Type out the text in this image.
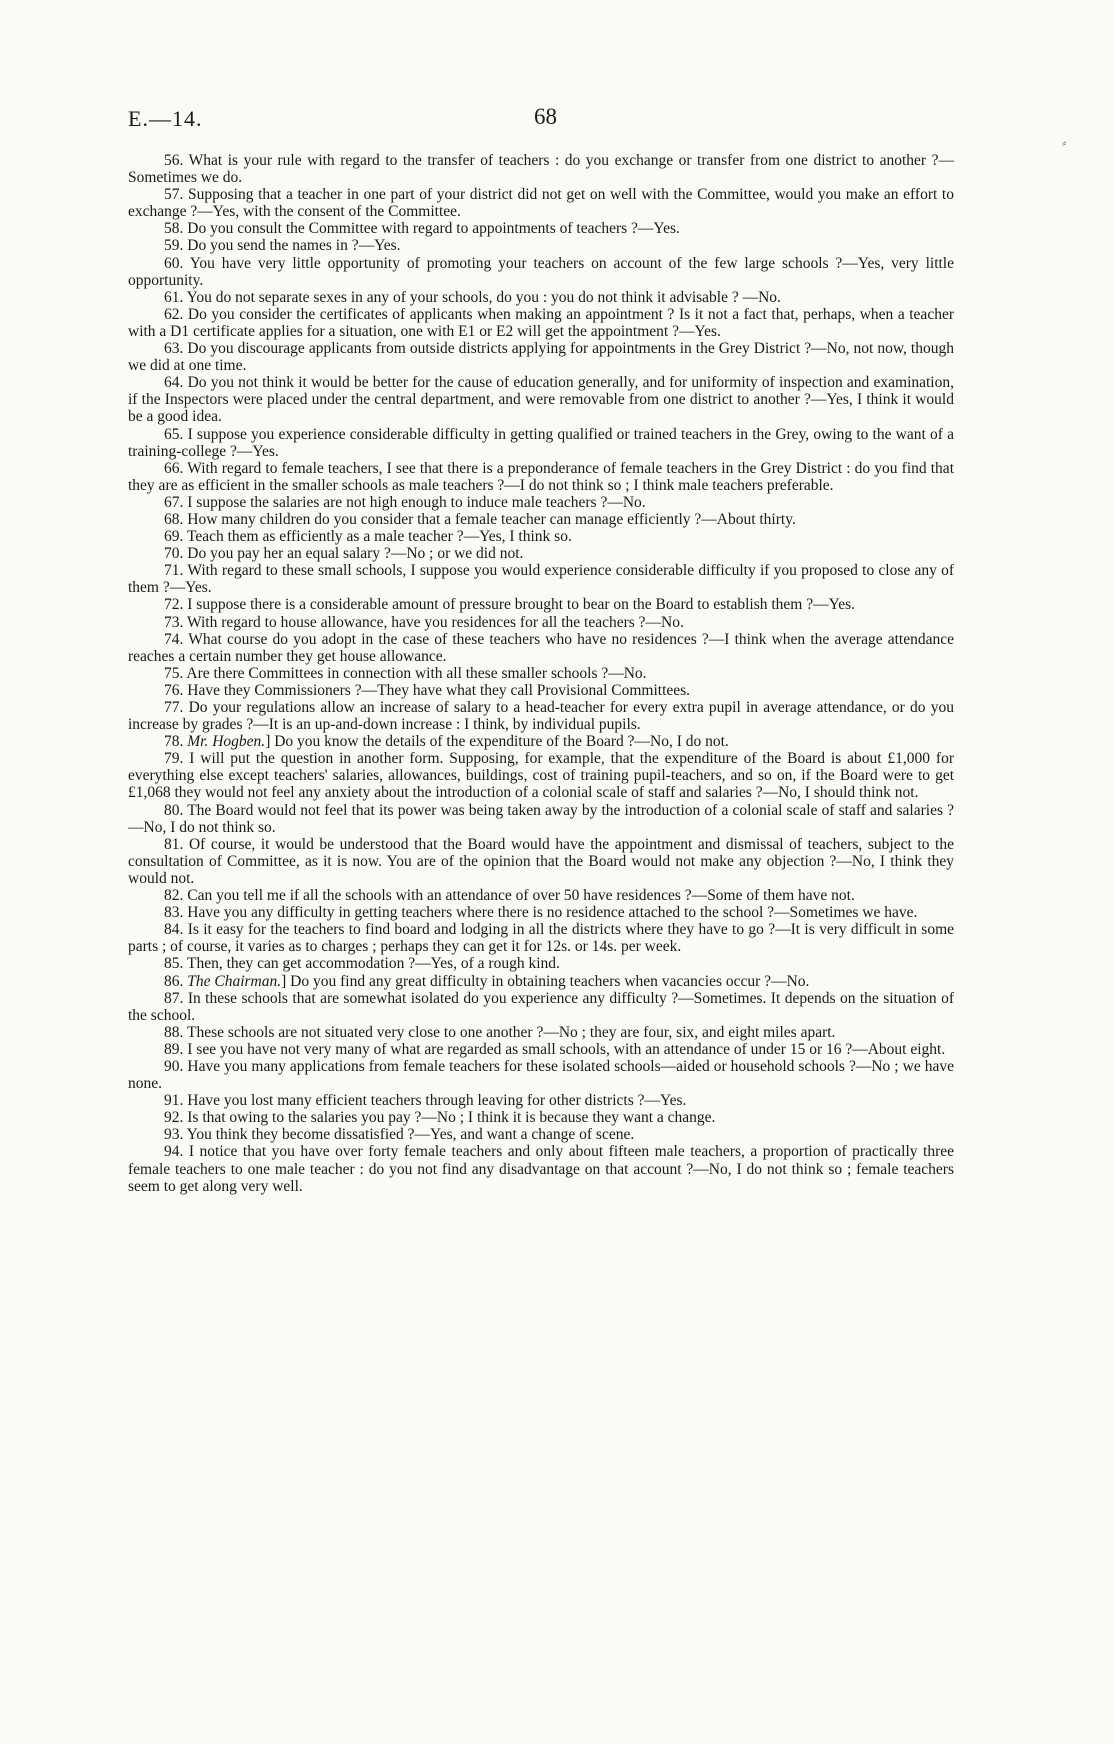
E.—14.	68

56. What is your rule with regard to the transfer of teachers : do you exchange or transfer from one district to another ?—Sometimes we do.

57. Supposing that a teacher in one part of your district did not get on well with the Committee, would you make an effort to exchange ?—Yes, with the consent of the Committee.

58. Do you consult the Committee with regard to appointments of teachers ?—Yes.

59. Do you send the names in ?—Yes.

60. You have very little opportunity of promoting your teachers on account of the few large schools ?—Yes, very little opportunity.

61. You do not separate sexes in any of your schools, do you : you do not think it advisable ? —No.

62. Do you consider the certificates of applicants when making an appointment ? Is it not a fact that, perhaps, when a teacher with a D1 certificate applies for a situation, one with E1 or E2 will get the appointment ?—Yes.

63. Do you discourage applicants from outside districts applying for appointments in the Grey District ?—No, not now, though we did at one time.

64. Do you not think it would be better for the cause of education generally, and for uniformity of inspection and examination, if the Inspectors were placed under the central department, and were removable from one district to another ?—Yes, I think it would be a good idea.

65. I suppose you experience considerable difficulty in getting qualified or trained teachers in the Grey, owing to the want of a training-college ?—Yes.

66. With regard to female teachers, I see that there is a preponderance of female teachers in the Grey District : do you find that they are as efficient in the smaller schools as male teachers ?—I do not think so ; I think male teachers preferable.

67. I suppose the salaries are not high enough to induce male teachers ?—No.

68. How many children do you consider that a female teacher can manage efficiently ?—About thirty.

69. Teach them as efficiently as a male teacher ?—Yes, I think so.

70. Do you pay her an equal salary ?—No ; or we did not.

71. With regard to these small schools, I suppose you would experience considerable difficulty if you proposed to close any of them ?—Yes.

72. I suppose there is a considerable amount of pressure brought to bear on the Board to establish them ?—Yes.

73. With regard to house allowance, have you residences for all the teachers ?—No.

74. What course do you adopt in the case of these teachers who have no residences ?—I think when the average attendance reaches a certain number they get house allowance.

75. Are there Committees in connection with all these smaller schools ?—No.

76. Have they Commissioners ?—They have what they call Provisional Committees.

77. Do your regulations allow an increase of salary to a head-teacher for every extra pupil in average attendance, or do you increase by grades ?—It is an up-and-down increase : I think, by individual pupils.

78. Mr. Hogben.] Do you know the details of the expenditure of the Board ?—No, I do not.

79. I will put the question in another form. Supposing, for example, that the expenditure of the Board is about £1,000 for everything else except teachers' salaries, allowances, buildings, cost of training pupil-teachers, and so on, if the Board were to get £1,068 they would not feel any anxiety about the introduction of a colonial scale of staff and salaries ?—No, I should think not.

80. The Board would not feel that its power was being taken away by the introduction of a colonial scale of staff and salaries ?—No, I do not think so.

81. Of course, it would be understood that the Board would have the appointment and dismissal of teachers, subject to the consultation of Committee, as it is now. You are of the opinion that the Board would not make any objection ?—No, I think they would not.

82. Can you tell me if all the schools with an attendance of over 50 have residences ?—Some of them have not.

83. Have you any difficulty in getting teachers where there is no residence attached to the school ?—Sometimes we have.

84. Is it easy for the teachers to find board and lodging in all the districts where they have to go ?—It is very difficult in some parts ; of course, it varies as to charges ; perhaps they can get it for 12s. or 14s. per week.

85. Then, they can get accommodation ?—Yes, of a rough kind.

86. The Chairman.] Do you find any great difficulty in obtaining teachers when vacancies occur ?—No.

87. In these schools that are somewhat isolated do you experience any difficulty ?—Sometimes. It depends on the situation of the school.

88. These schools are not situated very close to one another ?—No ; they are four, six, and eight miles apart.

89. I see you have not very many of what are regarded as small schools, with an attendance of under 15 or 16 ?—About eight.

90. Have you many applications from female teachers for these isolated schools—aided or household schools ?—No ; we have none.

91. Have you lost many efficient teachers through leaving for other districts ?—Yes.

92. Is that owing to the salaries you pay ?—No ; I think it is because they want a change.

93. You think they become dissatisfied ?—Yes, and want a change of scene.

94. I notice that you have over forty female teachers and only about fifteen male teachers, a proportion of practically three female teachers to one male teacher : do you not find any disadvantage on that account ?—No, I do not think so ; female teachers seem to get along very well.

⸗
